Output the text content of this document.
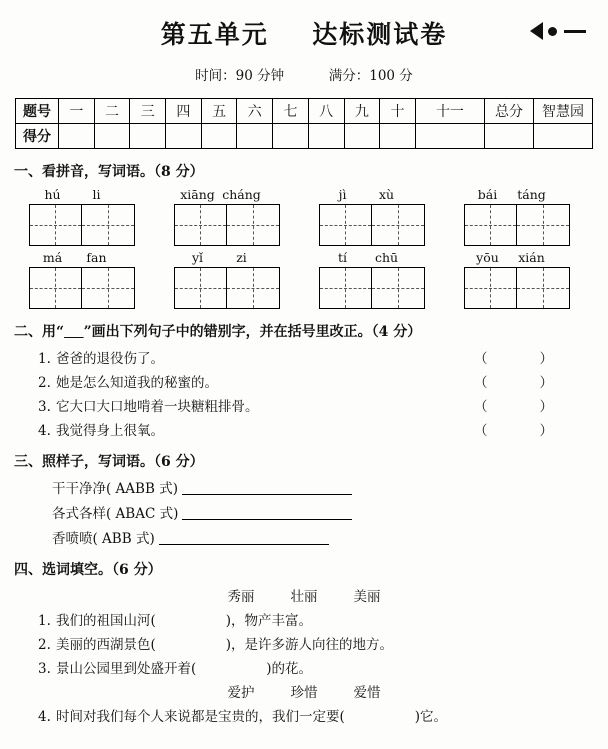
第五单元 达标测试卷
时间：90 分钟	满分：100 分
题号	一	二	三	四	五	六	七	八	九	十	十一	总分	智慧园
得分													
一、看拼音，写词语。（8 分）
hú	li	xiāng cháng	jì	xù	bái	táng
má	fan	yǐ	zi	tí	chū	yōu	xián
二、用“ ”画出下列句子中的错别字，并在括号里改正。（4 分）
1. 爸爸的退役伤了。	（	）
2. 她是怎么知道我的秘蜜的。	（	）
3. 它大口大口地啃着一块糖粗排骨。	（	）
4. 我觉得身上很氧。	（	）
三、照样子，写词语。（6 分）
干干净净( AABB 式)
各式各样( ABAC 式)
香喷喷( ABB 式)
四、选词填空。（6 分）
秀丽	壮丽	美丽
1. 我们的祖国山河(	)，物产丰富。
2. 美丽的西湖景色(	)，是许多游人向往的地方。
3. 景山公园里到处盛开着(	)的花。
爱护	珍惜	爱惜
4. 时间对我们每个人来说都是宝贵的，我们一定要(	)它。
